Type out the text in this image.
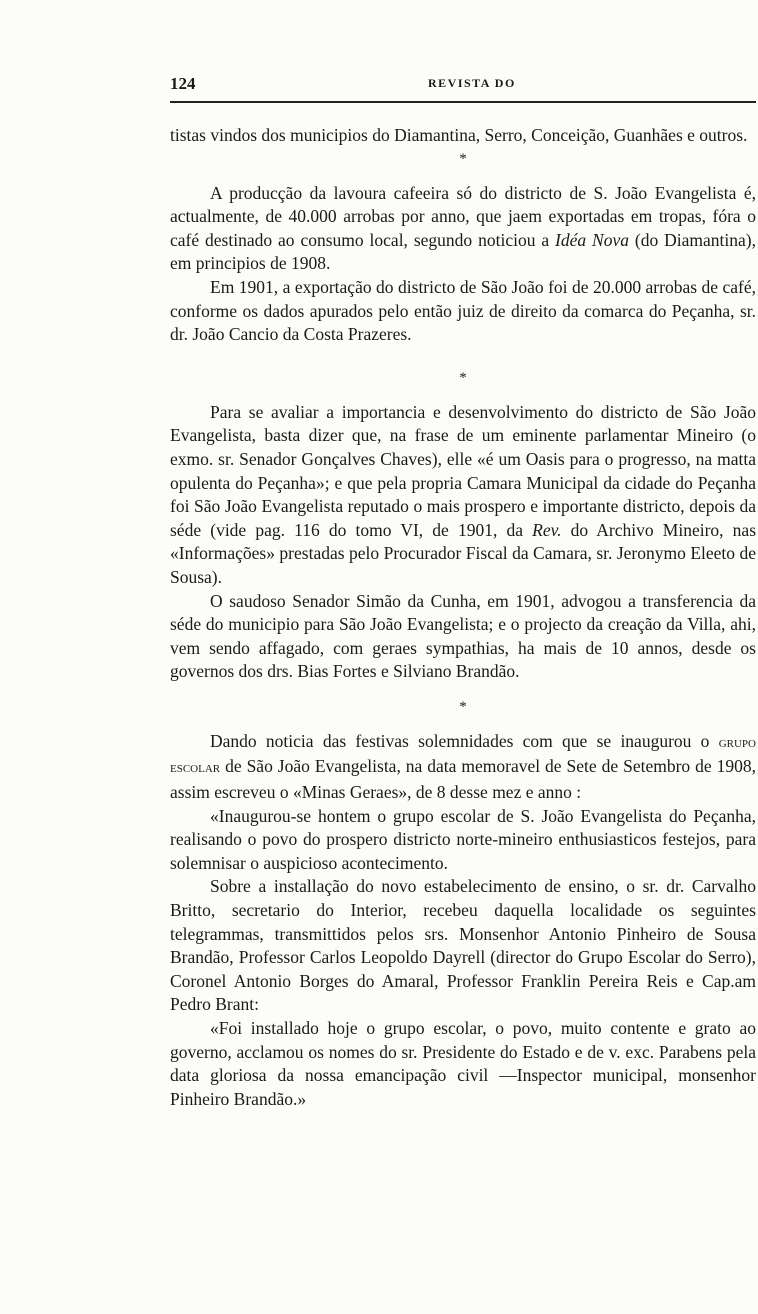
124	REVISTA DO

tistas vindos dos municipios do Diamantina, Serro, Conceição, Guanhães e outros.

*

A producção da lavoura cafeeira só do districto de S. João Evangelista é, actualmente, de 40.000 arrobas por anno, que jaem exportadas em tropas, fóra o café destinado ao consumo local, segundo noticiou a Idéa Nova (do Diamantina), em principios de 1908.

Em 1901, a exportação do districto de São João foi de 20.000 arrobas de café, conforme os dados apurados pelo então juiz de direito da comarca do Peçanha, sr. dr. João Cancio da Costa Prazeres.

*

Para se avaliar a importancia e desenvolvimento do districto de São João Evangelista, basta dizer que, na frase de um eminente parlamentar Mineiro (o exmo. sr. Senador Gonçalves Chaves), elle «é um Oasis para o progresso, na matta opulenta do Peçanha»; e que pela propria Camara Municipal da cidade do Peçanha foi São João Evangelista reputado o mais prospero e importante districto, depois da séde (vide pag. 116 do tomo VI, de 1901, da Rev. do Archivo Mineiro, nas «Informações» prestadas pelo Procurador Fiscal da Camara, sr. Jeronymo Eleeto de Sousa).

O saudoso Senador Simão da Cunha, em 1901, advogou a transferencia da séde do municipio para São João Evangelista; e o projecto da creação da Villa, ahi, vem sendo affagado, com geraes sympathias, ha mais de 10 annos, desde os governos dos drs. Bias Fortes e Silviano Brandão.

*

Dando noticia das festivas solemnidades com que se inaugurou o grupo escolar de São João Evangelista, na data memoravel de Sete de Setembro de 1908, assim escreveu o «Minas Geraes», de 8 desse mez e anno :

«Inaugurou-se hontem o grupo escolar de S. João Evangelista do Peçanha, realisando o povo do prospero districto norte-mineiro enthusiasticos festejos, para solemnisar o auspicioso acontecimento.

Sobre a installação do novo estabelecimento de ensino, o sr. dr. Carvalho Britto, secretario do Interior, recebeu daquella localidade os seguintes telegrammas, transmittidos pelos srs. Monsenhor Antonio Pinheiro de Sousa Brandão, Professor Carlos Leopoldo Dayrell (director do Grupo Escolar do Serro), Coronel Antonio Borges do Amaral, Professor Franklin Pereira Reis e Cap.am Pedro Brant:

«Foi installado hoje o grupo escolar, o povo, muito contente e grato ao governo, acclamou os nomes do sr. Presidente do Estado e de v. exc. Parabens pela data gloriosa da nossa emancipação civil —Inspector municipal, monsenhor Pinheiro Brandão.»
